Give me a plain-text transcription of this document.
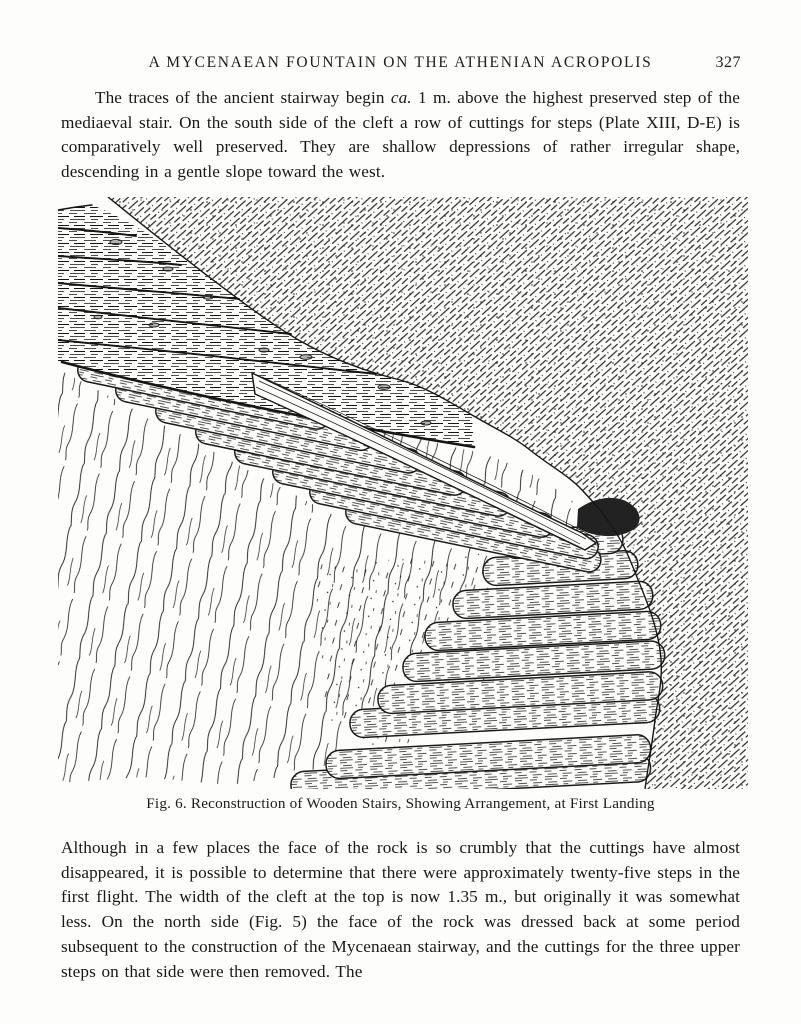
A MYCENAEAN FOUNTAIN ON THE ATHENIAN ACROPOLIS	327
The traces of the ancient stairway begin ca. 1 m. above the highest preserved step of the mediaeval stair. On the south side of the cleft a row of cuttings for steps (Plate XIII, D-E) is comparatively well preserved. They are shallow depressions of rather irregular shape, descending in a gentle slope toward the west.
Fig. 6. Reconstruction of Wooden Stairs, Showing Arrangement, at First Landing
Although in a few places the face of the rock is so crumbly that the cuttings have almost disappeared, it is possible to determine that there were approximately twenty-five steps in the first flight. The width of the cleft at the top is now 1.35 m., but originally it was somewhat less. On the north side (Fig. 5) the face of the rock was dressed back at some period subsequent to the construction of the Mycenaean stairway, and the cuttings for the three upper steps on that side were then removed. The
